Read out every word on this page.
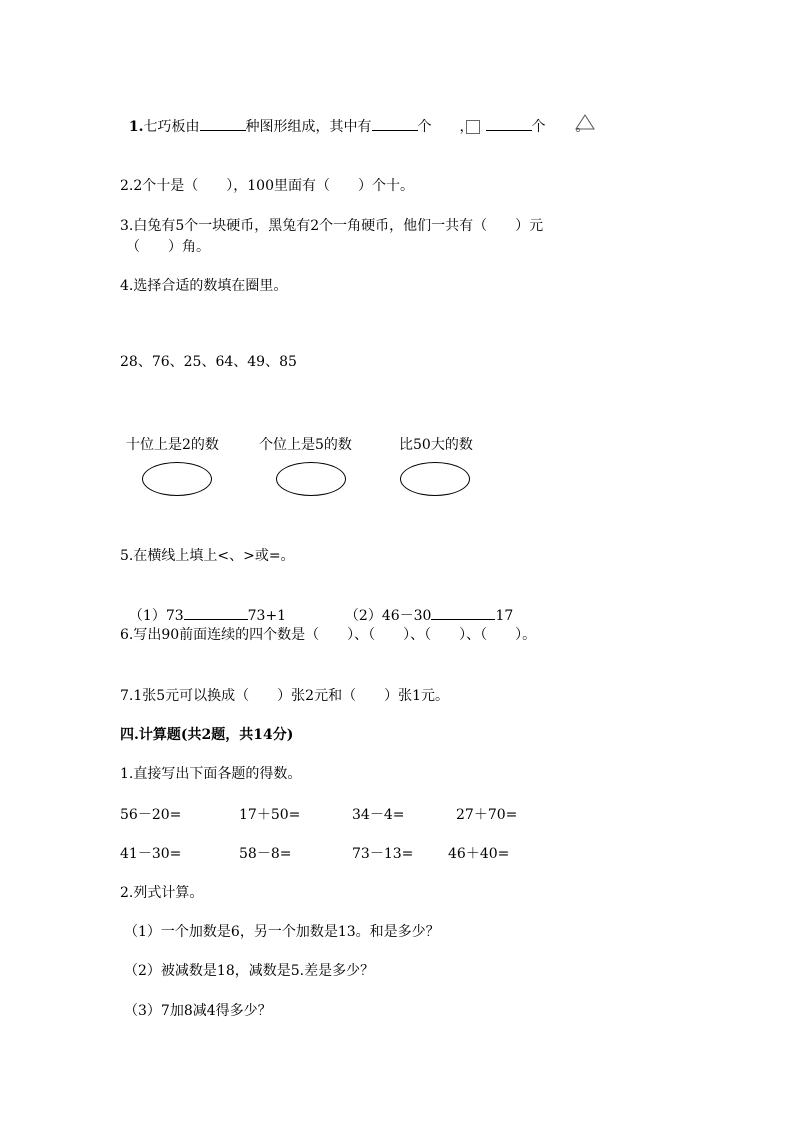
1.七巧板由	种图形组成，其中有	个 ，	个 。

2.2个十是（　　），100里面有（　　）个十。
3.白兔有5个一块硬币，黑兔有2个一角硬币，他们一共有（　　）元
（　　）角。
4.选择合适的数填在圈里。
28、76、25、64、49、85
十位上是2的数	个位上是5的数	比50大的数
5.在横线上填上<、>或=。

（1）73	73+1	（2）46－30	17

6.写出90前面连续的四个数是（　　）、（　　）、（　　）、（　　）。
7.1张5元可以换成（　　）张2元和（　　）张1元。
四.计算题(共2题，共14分)
1.直接写出下面各题的得数。
56－20=	17＋50=	34－4=	27＋70=
41－30=	58－8=	73－13= 46＋40=
2.列式计算。
（1）一个加数是6，另一个加数是13。和是多少？
（2）被减数是18，减数是5.差是多少？
（3）7加8减4得多少？
